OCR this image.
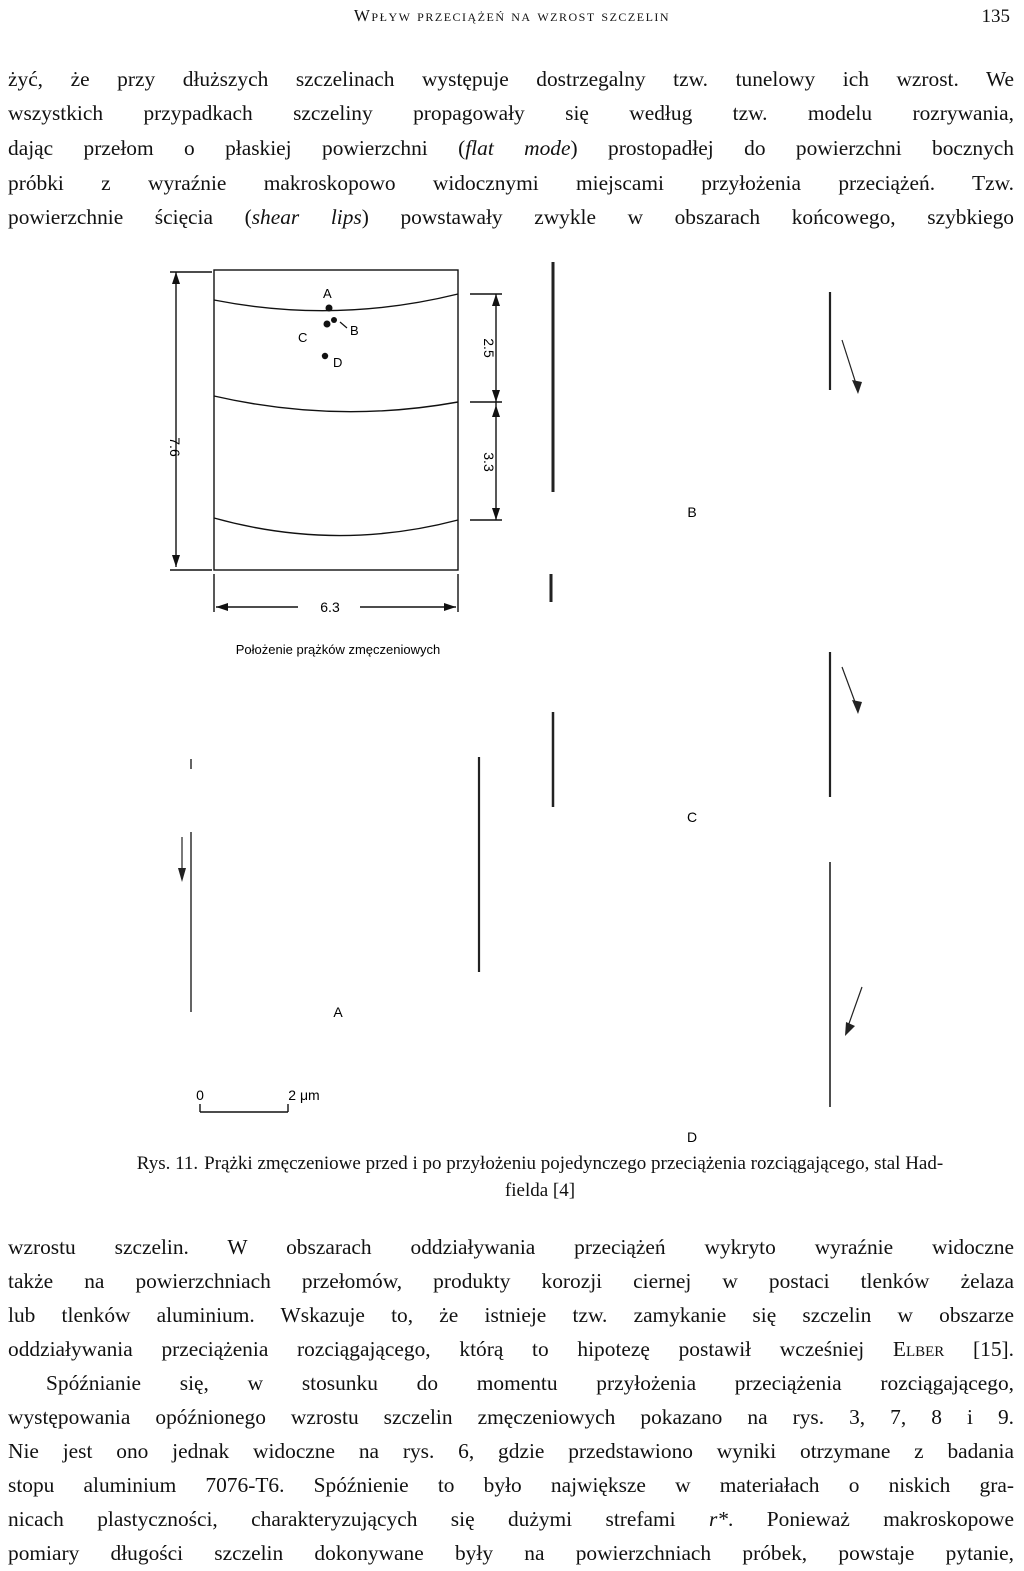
Wpływ przeciążeń na wzrost szczelin	135

żyć, że przy dłuższych szczelinach występuje dostrzegalny tzw. tunelowy ich wzrost. We

wszystkich przypadkach szczeliny propagowały się według tzw. modelu rozrywania,

dając przełom o płaskiej powierzchni (flat mode) prostopadłej do powierzchni bocznych

próbki z wyraźnie makroskopowo widocznymi miejscami przyłożenia przeciążeń. Tzw.

powierzchnie ścięcia (shear lips) powstawały zwykle w obszarach końcowego, szybkiego

A
B
C
D
7.6
2.5
3.3
6.3
Położenie prążków zmęczeniowych
A
B
C
D
0	2 μm
Rys. 11. Prążki zmęczeniowe przed i po przyłożeniu pojedynczego przeciążenia rozciągającego, stal Had-
fielda [4]

wzrostu szczelin. W obszarach oddziaływania przeciążeń wykryto wyraźnie widoczne

także na powierzchniach przełomów, produkty korozji ciernej w postaci tlenków żelaza

lub tlenków aluminium. Wskazuje to, że istnieje tzw. zamykanie się szczelin w obszarze

oddziaływania przeciążenia rozciągającego, którą to hipotezę postawił wcześniej Elber [15].

Spóźnianie się, w stosunku do momentu przyłożenia przeciążenia rozciągającego,

występowania opóźnionego wzrostu szczelin zmęczeniowych pokazano na rys. 3, 7, 8 i 9.

Nie jest ono jednak widoczne na rys. 6, gdzie przedstawiono wyniki otrzymane z badania

stopu aluminium 7076-T6. Spóźnienie to było największe w materiałach o niskich gra-

nicach plastyczności, charakteryzujących się dużymi strefami r*. Ponieważ makroskopowe

pomiary długości szczelin dokonywane były na powierzchniach próbek, powstaje pytanie,
